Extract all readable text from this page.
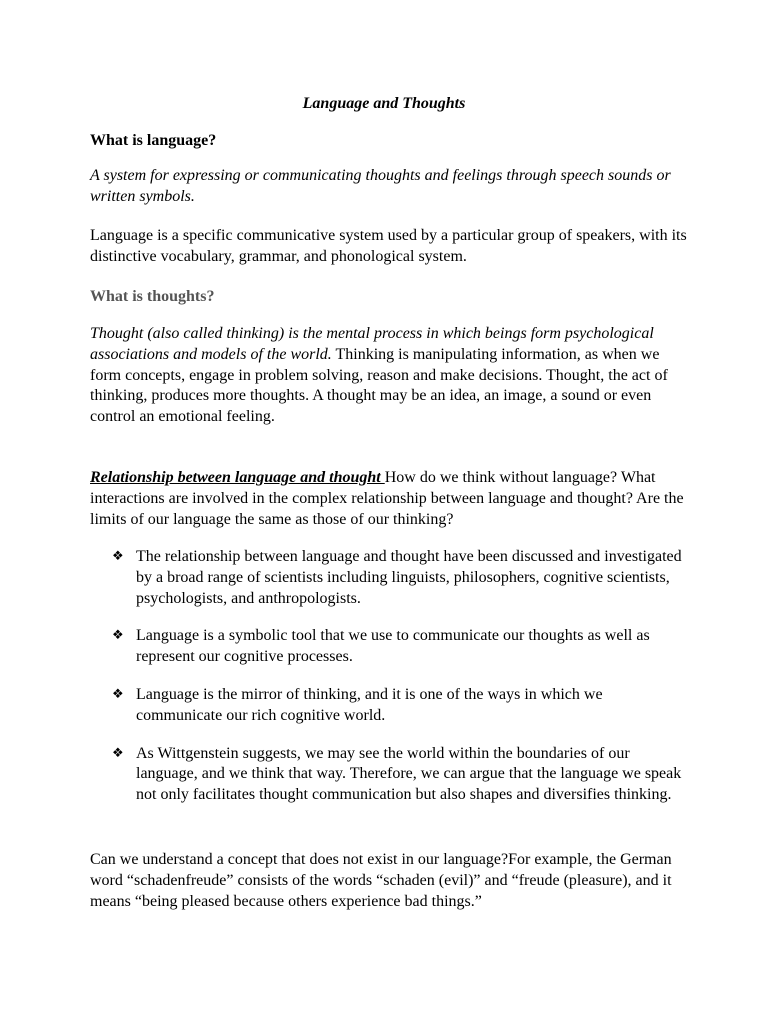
Language and Thoughts
What is language?
A system for expressing or communicating thoughts and feelings through speech sounds or written symbols.
Language is a specific communicative system used by a particular group of speakers, with its distinctive vocabulary, grammar, and phonological system.
What is thoughts?
Thought (also called thinking) is the mental process in which beings form psychological associations and models of the world. Thinking is manipulating information, as when we form concepts, engage in problem solving, reason and make decisions. Thought, the act of thinking, produces more thoughts. A thought may be an idea, an image, a sound or even control an emotional feeling.
Relationship between language and thought How do we think without language? What interactions are involved in the complex relationship between language and thought? Are the limits of our language the same as those of our thinking?
❖ The relationship between language and thought have been discussed and investigated by a broad range of scientists including linguists, philosophers, cognitive scientists, psychologists, and anthropologists.
❖ Language is a symbolic tool that we use to communicate our thoughts as well as represent our cognitive processes.
❖ Language is the mirror of thinking, and it is one of the ways in which we communicate our rich cognitive world.
❖ As Wittgenstein suggests, we may see the world within the boundaries of our language, and we think that way. Therefore, we can argue that the language we speak not only facilitates thought communication but also shapes and diversifies thinking.
Can we understand a concept that does not exist in our language?For example, the German word “schadenfreude” consists of the words “schaden (evil)” and “freude (pleasure), and it means “being pleased because others experience bad things.”
